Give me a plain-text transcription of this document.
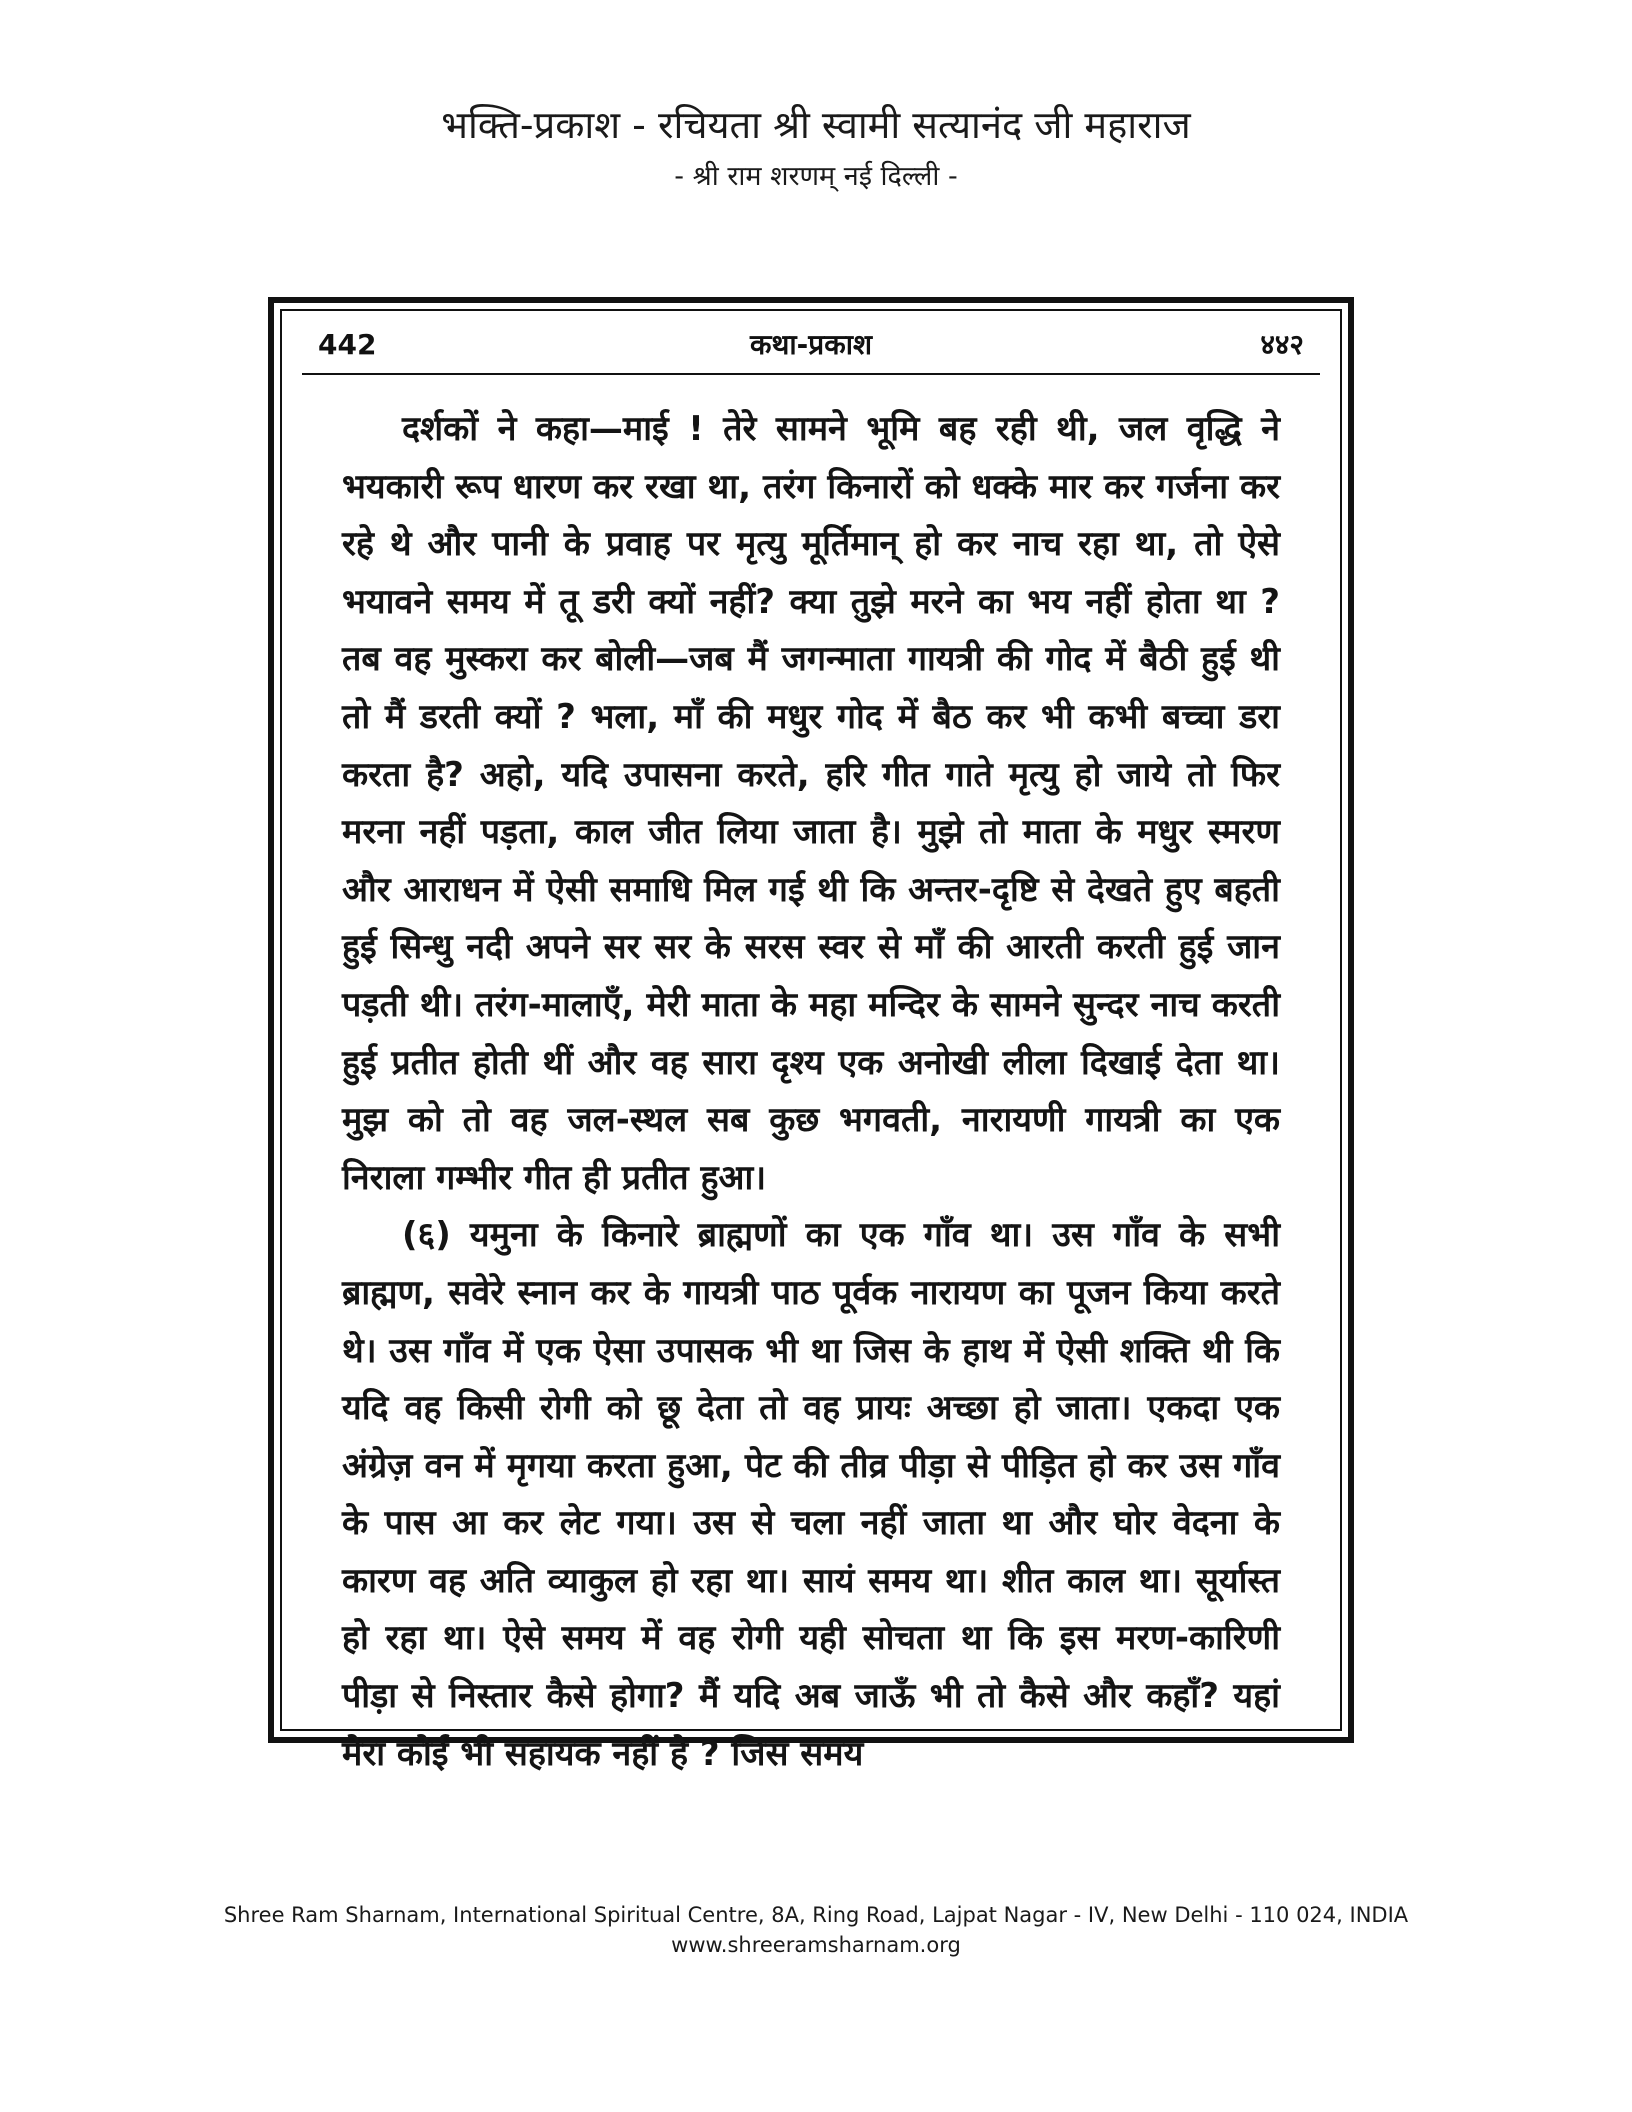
भक्ति-प्रकाश - रचियता श्री स्वामी सत्यानंद जी महाराज
- श्री राम शरणम् नई दिल्ली -
442	कथा-प्रकाश	४४२

दर्शकों ने कहा—माई ! तेरे सामने भूमि बह रही थी, जल वृद्धि ने भयकारी रूप धारण कर रखा था, तरंग किनारों को धक्के मार कर गर्जना कर रहे थे और पानी के प्रवाह पर मृत्यु मूर्तिमान् हो कर नाच रहा था, तो ऐसे भयावने समय में तू डरी क्यों नहीं? क्या तुझे मरने का भय नहीं होता था ? तब वह मुस्करा कर बोली—जब मैं जगन्माता गायत्री की गोद में बैठी हुई थी तो मैं डरती क्यों ? भला, माँ की मधुर गोद में बैठ कर भी कभी बच्चा डरा करता है? अहो, यदि उपासना करते, हरि गीत गाते मृत्यु हो जाये तो फिर मरना नहीं पड़ता, काल जीत लिया जाता है। मुझे तो माता के मधुर स्मरण और आराधन में ऐसी समाधि मिल गई थी कि अन्तर-दृष्टि से देखते हुए बहती हुई सिन्धु नदी अपने सर सर के सरस स्वर से माँ की आरती करती हुई जान पड़ती थी। तरंग-मालाएँ, मेरी माता के महा मन्दिर के सामने सुन्दर नाच करती हुई प्रतीत होती थीं और वह सारा दृश्य एक अनोखी लीला दिखाई देता था। मुझ को तो वह जल-स्थल सब कुछ भगवती, नारायणी गायत्री का एक निराला गम्भीर गीत ही प्रतीत हुआ।

(६) यमुना के किनारे ब्राह्मणों का एक गाँव था। उस गाँव के सभी ब्राह्मण, सवेरे स्नान कर के गायत्री पाठ पूर्वक नारायण का पूजन किया करते थे। उस गाँव में एक ऐसा उपासक भी था जिस के हाथ में ऐसी शक्ति थी कि यदि वह किसी रोगी को छू देता तो वह प्रायः अच्छा हो जाता। एकदा एक अंग्रेज़ वन में मृगया करता हुआ, पेट की तीव्र पीड़ा से पीड़ित हो कर उस गाँव के पास आ कर लेट गया। उस से चला नहीं जाता था और घोर वेदना के कारण वह अति व्याकुल हो रहा था। सायं समय था। शीत काल था। सूर्यास्त हो रहा था। ऐसे समय में वह रोगी यही सोचता था कि इस मरण-कारिणी पीड़ा से निस्तार कैसे होगा? मैं यदि अब जाऊँ भी तो कैसे और कहाँ? यहां मेरा कोई भी सहायक नहीं है ? जिस समय

Shree Ram Sharnam, International Spiritual Centre, 8A, Ring Road, Lajpat Nagar - IV, New Delhi - 110 024, INDIA
www.shreeramsharnam.org
